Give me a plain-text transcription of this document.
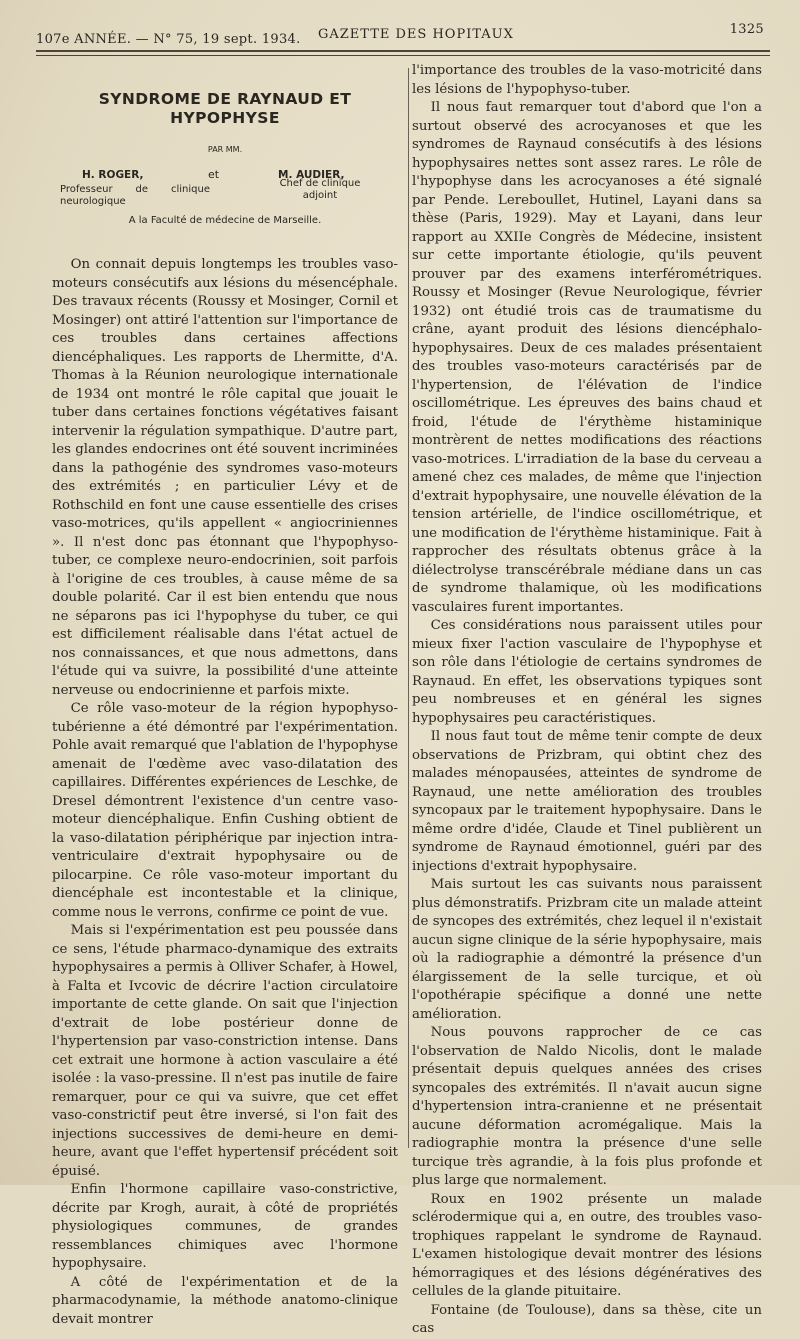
107e ANNÉE. — N° 75, 19 sept. 1934. GAZETTE DES HOPITAUX	1325
SYNDROME DE RAYNAUD ET HYPOPHYSE
PAR MM.
H. ROGER,	et	M. AUDIER,
Professeur de clinique neurologique
Chef de clinique adjoint
A la Faculté de médecine de Marseille.

On connait depuis longtemps les troubles vaso-moteurs consécutifs aux lésions du mésencéphale. Des travaux récents (Roussy et Mosinger, Cornil et Mosinger) ont attiré l'attention sur l'importance de ces troubles dans certaines affections diencéphaliques. Les rapports de Lhermitte, d'A. Thomas à la Réunion neurologique internationale de 1934 ont montré le rôle capital que jouait le tuber dans certaines fonctions végétatives faisant intervenir la régulation sympathique. D'autre part, les glandes endocrines ont été souvent incriminées dans la pathogénie des syndromes vaso-moteurs des extrémités ; en particulier Lévy et de Rothschild en font une cause essentielle des crises vaso-motrices, qu'ils appellent « angiocriniennes ». Il n'est donc pas étonnant que l'hypophyso-tuber, ce complexe neuro-endocrinien, soit parfois à l'origine de ces troubles, à cause même de sa double polarité. Car il est bien entendu que nous ne séparons pas ici l'hypophyse du tuber, ce qui est difficilement réalisable dans l'état actuel de nos connaissances, et que nous admettons, dans l'étude qui va suivre, la possibilité d'une atteinte nerveuse ou endocrinienne et parfois mixte.

Ce rôle vaso-moteur de la région hypophyso-tubérienne a été démontré par l'expérimentation. Pohle avait remarqué que l'ablation de l'hypophyse amenait de l'œdème avec vaso-dilatation des capillaires. Différentes expériences de Leschke, de Dresel démontrent l'existence d'un centre vaso-moteur diencéphalique. Enfin Cushing obtient de la vaso-dilatation périphérique par injection intra-ventriculaire d'extrait hypophysaire ou de pilocarpine. Ce rôle vaso-moteur important du diencéphale est incontestable et la clinique, comme nous le verrons, confirme ce point de vue.

Mais si l'expérimentation est peu poussée dans ce sens, l'étude pharmaco-dynamique des extraits hypophysaires a permis à Olliver Schafer, à Howel, à Falta et Ivcovic de décrire l'action circulatoire importante de cette glande. On sait que l'injection d'extrait de lobe postérieur donne de l'hypertension par vaso-constriction intense. Dans cet extrait une hormone à action vasculaire a été isolée : la vaso-pressine. Il n'est pas inutile de faire remarquer, pour ce qui va suivre, que cet effet vaso-constrictif peut être inversé, si l'on fait des injections successives de demi-heure en demi-heure, avant que l'effet hypertensif précédent soit épuisé.

Enfin l'hormone capillaire vaso-constrictive, décrite par Krogh, aurait, à côté de propriétés physiologiques communes, de grandes ressemblances chimiques avec l'hormone hypophysaire.

A côté de l'expérimentation et de la pharmacodynamie, la méthode anatomo-clinique devait montrer

l'importance des troubles de la vaso-motricité dans les lésions de l'hypophyso-tuber.

Il nous faut remarquer tout d'abord que l'on a surtout observé des acrocyanoses et que les syndromes de Raynaud consécutifs à des lésions hypophysaires nettes sont assez rares. Le rôle de l'hypophyse dans les acrocyanoses a été signalé par Pende. Lereboullet, Hutinel, Layani dans sa thèse (Paris, 1929). May et Layani, dans leur rapport au XXIIe Congrès de Médecine, insistent sur cette importante étiologie, qu'ils peuvent prouver par des examens interférométriques. Roussy et Mosinger (Revue Neurologique, février 1932) ont étudié trois cas de traumatisme du crâne, ayant produit des lésions diencéphalo-hypophysaires. Deux de ces malades présentaient des troubles vaso-moteurs caractérisés par de l'hypertension, de l'élévation de l'indice oscillométrique. Les épreuves des bains chaud et froid, l'étude de l'érythème histaminique montrèrent de nettes modifications des réactions vaso-motrices. L'irradiation de la base du cerveau a amené chez ces malades, de même que l'injection d'extrait hypophysaire, une nouvelle élévation de la tension artérielle, de l'indice oscillométrique, et une modification de l'érythème histaminique. Fait à rapprocher des résultats obtenus grâce à la diélectrolyse transcérébrale médiane dans un cas de syndrome thalamique, où les modifications vasculaires furent importantes.

Ces considérations nous paraissent utiles pour mieux fixer l'action vasculaire de l'hypophyse et son rôle dans l'étiologie de certains syndromes de Raynaud. En effet, les observations typiques sont peu nombreuses et en général les signes hypophysaires peu caractéristiques.

Il nous faut tout de même tenir compte de deux observations de Prizbram, qui obtint chez des malades ménopausées, atteintes de syndrome de Raynaud, une nette amélioration des troubles syncopaux par le traitement hypophysaire. Dans le même ordre d'idée, Claude et Tinel publièrent un syndrome de Raynaud émotionnel, guéri par des injections d'extrait hypophysaire.

Mais surtout les cas suivants nous paraissent plus démonstratifs. Prizbram cite un malade atteint de syncopes des extrémités, chez lequel il n'existait aucun signe clinique de la série hypophysaire, mais où la radiographie a démontré la présence d'un élargissement de la selle turcique, et où l'opothérapie spécifique a donné une nette amélioration.

Nous pouvons rapprocher de ce cas l'observation de Naldo Nicolis, dont le malade présentait depuis quelques années des crises syncopales des extrémités. Il n'avait aucun signe d'hypertension intra-cranienne et ne présentait aucune déformation acromégalique. Mais la radiographie montra la présence d'une selle turcique très agrandie, à la fois plus profonde et plus large que normalement.

Roux en 1902 présente un malade sclérodermique qui a, en outre, des troubles vaso-trophiques rappelant le syndrome de Raynaud. L'examen histologique devait montrer des lésions hémorragiques et des lésions dégénératives des cellules de la glande pituitaire.

Fontaine (de Toulouse), dans sa thèse, cite un cas
